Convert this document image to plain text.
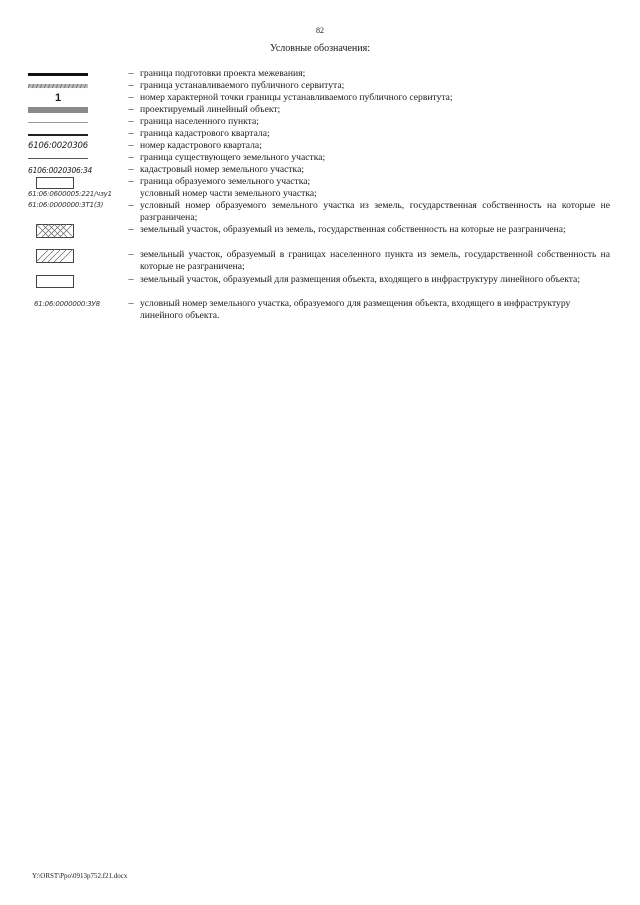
82
Условные обозначения:
– граница подготовки проекта межевания;
– граница устанавливаемого публичного сервитута;
1	– номер характерной точки границы устанавливаемого публичного сервитута;
– проектируемый линейный объект;
– граница населенного пункта;
– граница кадастрового квартала;
6106:0020306	– номер кадастрового квартала;
– граница существующего земельного участка;
6106:0020306:34	– кадастровый номер земельного участка;
– граница образуемого земельного участка;
61:06:0600005:221/чзу1	условный номер части земельного участка;
61:06:0000000:3Т1(3)	– условный номер образуемого земельного участка из земель, государственная собственность на которые не разграничена;
– земельный участок, образуемый из земель, государственная собственность на которые не разграничена;
– земельный участок, образуемый в границах населенного пункта из земель, государственной собственность на которые не разграничена;
– земельный участок, образуемый для размещения объекта, входящего в инфраструктуру линейного объекта;
61:06:0000000:3У8	– условный номер земельного участка, образуемого для размещения объекта, входящего в инфраструктуру линейного объекта.
Y:\ORST\Ppo\0913p752.f21.docx
